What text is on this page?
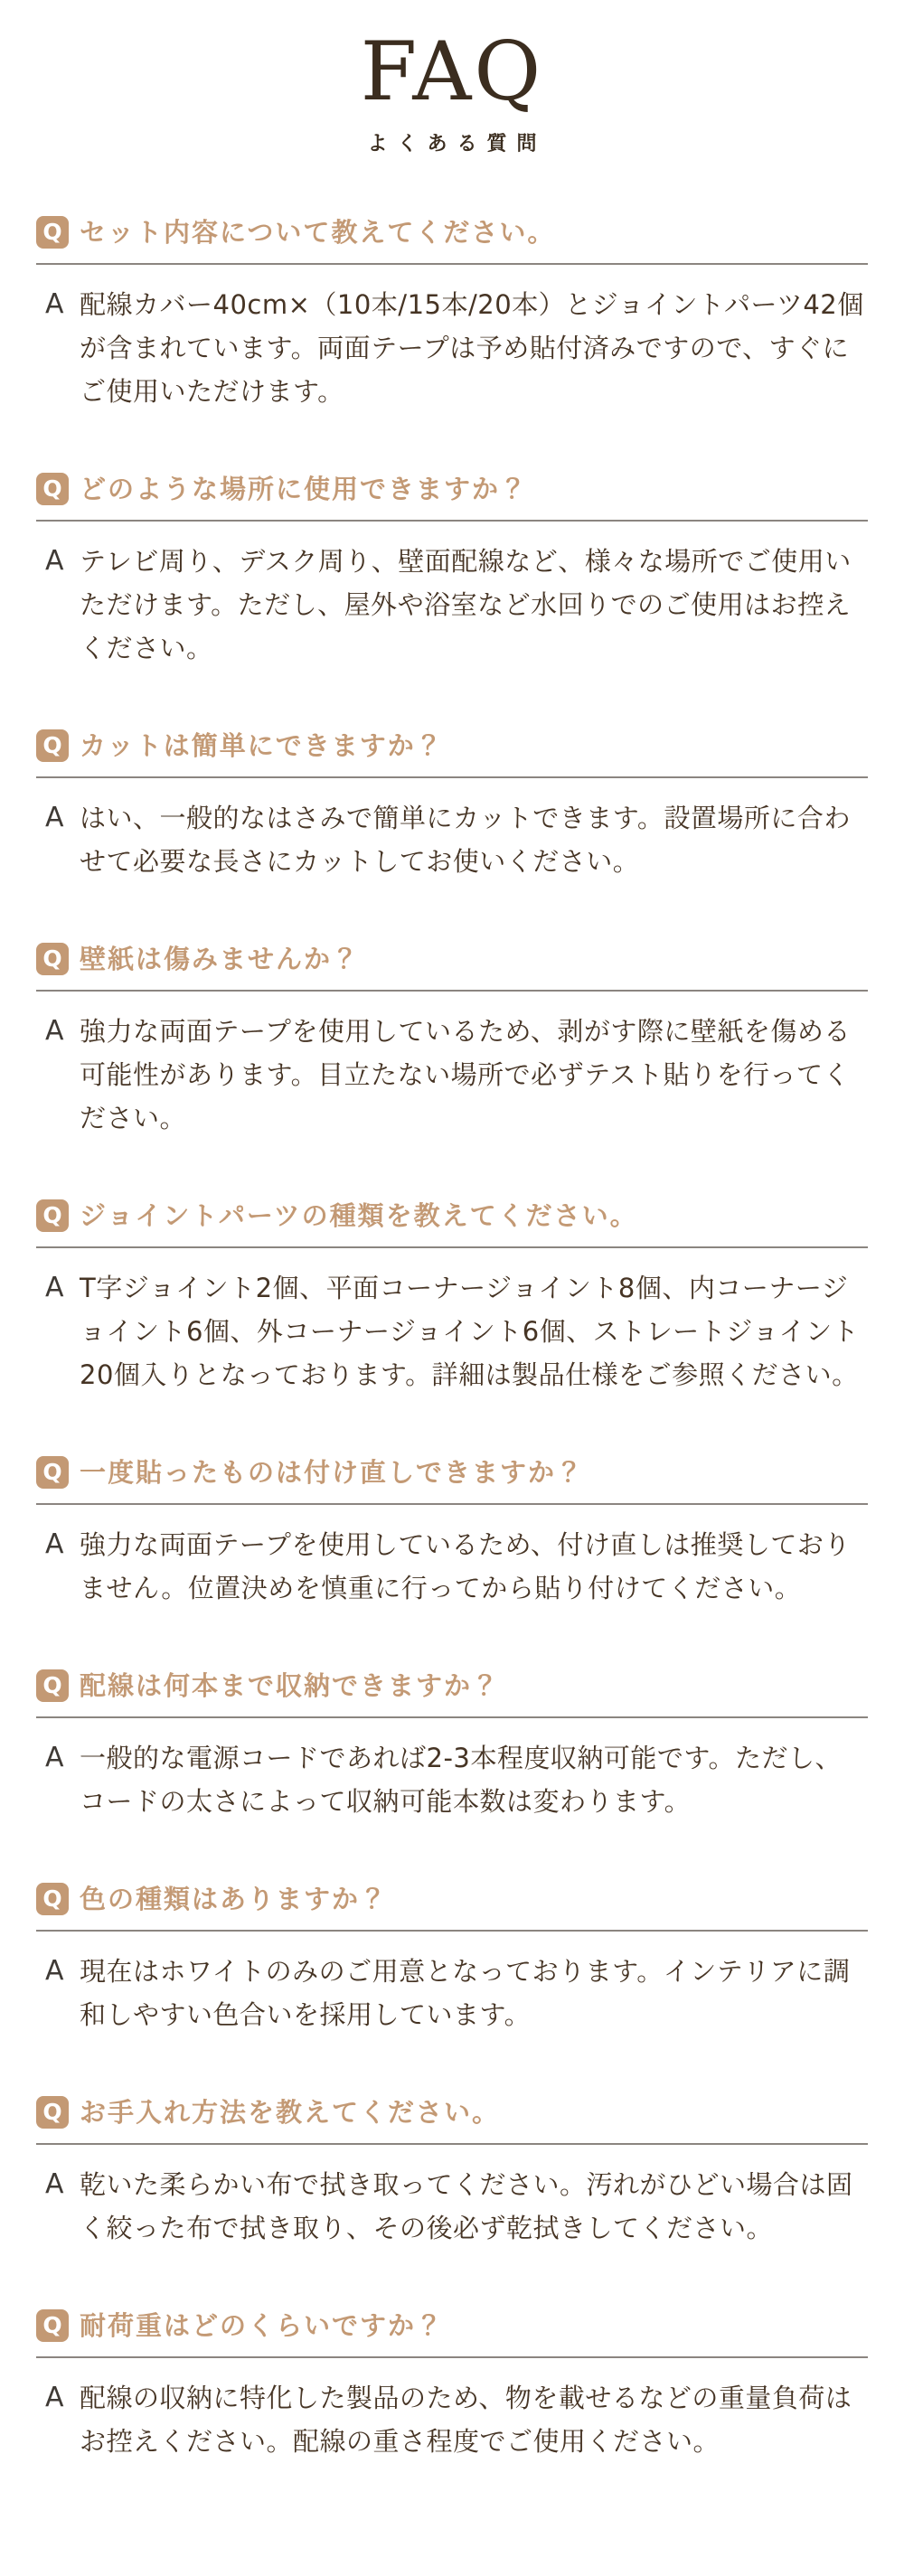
FAQ
よくある質問
Q セット内容について教えてください。
A 配線カバー40cm×（10本/15本/20本）とジョイントパーツ42個が含まれています。両面テープは予め貼付済みですので、すぐにご使用いただけます。

Q どのような場所に使用できますか？
A テレビ周り、デスク周り、壁面配線など、様々な場所でご使用いただけます。ただし、屋外や浴室など水回りでのご使用はお控えください。

Q カットは簡単にできますか？
A はい、一般的なはさみで簡単にカットできます。設置場所に合わせて必要な長さにカットしてお使いください。

Q 壁紙は傷みませんか？
A 強力な両面テープを使用しているため、剥がす際に壁紙を傷める可能性があります。目立たない場所で必ずテスト貼りを行ってください。

Q ジョイントパーツの種類を教えてください。
A T字ジョイント2個、平面コーナージョイント8個、内コーナージョイント6個、外コーナージョイント6個、ストレートジョイント20個入りとなっております。詳細は製品仕様をご参照ください。

Q 一度貼ったものは付け直しできますか？
A 強力な両面テープを使用しているため、付け直しは推奨しておりません。位置決めを慎重に行ってから貼り付けてください。

Q 配線は何本まで収納できますか？
A 一般的な電源コードであれば2-3本程度収納可能です。ただし、コードの太さによって収納可能本数は変わります。

Q 色の種類はありますか？
A 現在はホワイトのみのご用意となっております。インテリアに調和しやすい色合いを採用しています。

Q お手入れ方法を教えてください。
A 乾いた柔らかい布で拭き取ってください。汚れがひどい場合は固く絞った布で拭き取り、その後必ず乾拭きしてください。

Q 耐荷重はどのくらいですか？
A 配線の収納に特化した製品のため、物を載せるなどの重量負荷はお控えください。配線の重さ程度でご使用ください。
